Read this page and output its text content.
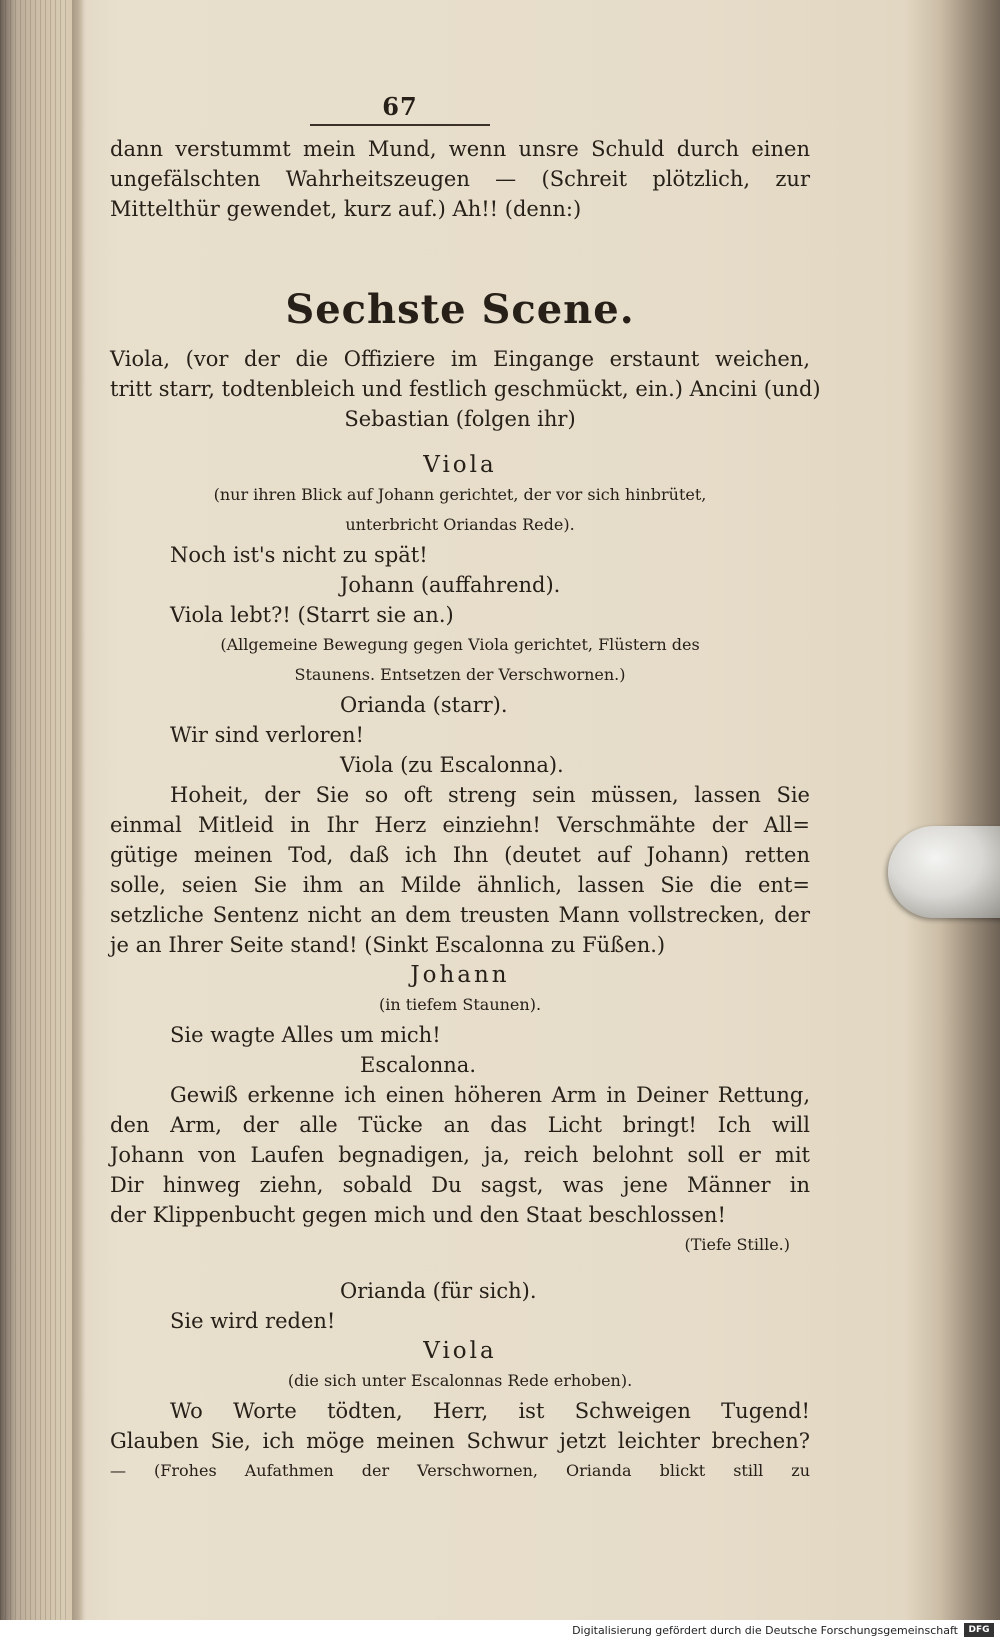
67
dann verstummt mein Mund, wenn unsre Schuld durch einen
ungefälschten Wahrheitszeugen — (Schreit plötzlich, zur
Mittelthür gewendet, kurz auf.) Ah!! (denn:)
Sechste Scene.
Viola, (vor der die Offiziere im Eingange erstaunt weichen,
tritt starr, todtenbleich und festlich geschmückt, ein.) Ancini (und)
Sebastian (folgen ihr)
Viola
(nur ihren Blick auf Johann gerichtet, der vor sich hinbrütet,
unterbricht Oriandas Rede).
Noch ist's nicht zu spät!
Johann (auffahrend).
Viola lebt?! (Starrt sie an.)
(Allgemeine Bewegung gegen Viola gerichtet, Flüstern des
Staunens. Entsetzen der Verschwornen.)
Orianda (starr).
Wir sind verloren!
Viola (zu Escalonna).
Hoheit, der Sie so oft streng sein müssen, lassen Sie
einmal Mitleid in Ihr Herz einziehn! Verschmähte der All=
gütige meinen Tod, daß ich Ihn (deutet auf Johann) retten
solle, seien Sie ihm an Milde ähnlich, lassen Sie die ent=
setzliche Sentenz nicht an dem treusten Mann vollstrecken, der
je an Ihrer Seite stand! (Sinkt Escalonna zu Füßen.)
Johann
(in tiefem Staunen).
Sie wagte Alles um mich!
Escalonna.
Gewiß erkenne ich einen höheren Arm in Deiner Rettung,
den Arm, der alle Tücke an das Licht bringt! Ich will
Johann von Laufen begnadigen, ja, reich belohnt soll er mit
Dir hinweg ziehn, sobald Du sagst, was jene Männer in
der Klippenbucht gegen mich und den Staat beschlossen!
(Tiefe Stille.)
Orianda (für sich).
Sie wird reden!
Viola
(die sich unter Escalonnas Rede erhoben).
Wo Worte tödten, Herr, ist Schweigen Tugend!
Glauben Sie, ich möge meinen Schwur jetzt leichter brechen?
— (Frohes Aufathmen der Verschwornen, Orianda blickt still zu
Digitalisierung gefördert durch die Deutsche Forschungsgemeinschaft	DFG
